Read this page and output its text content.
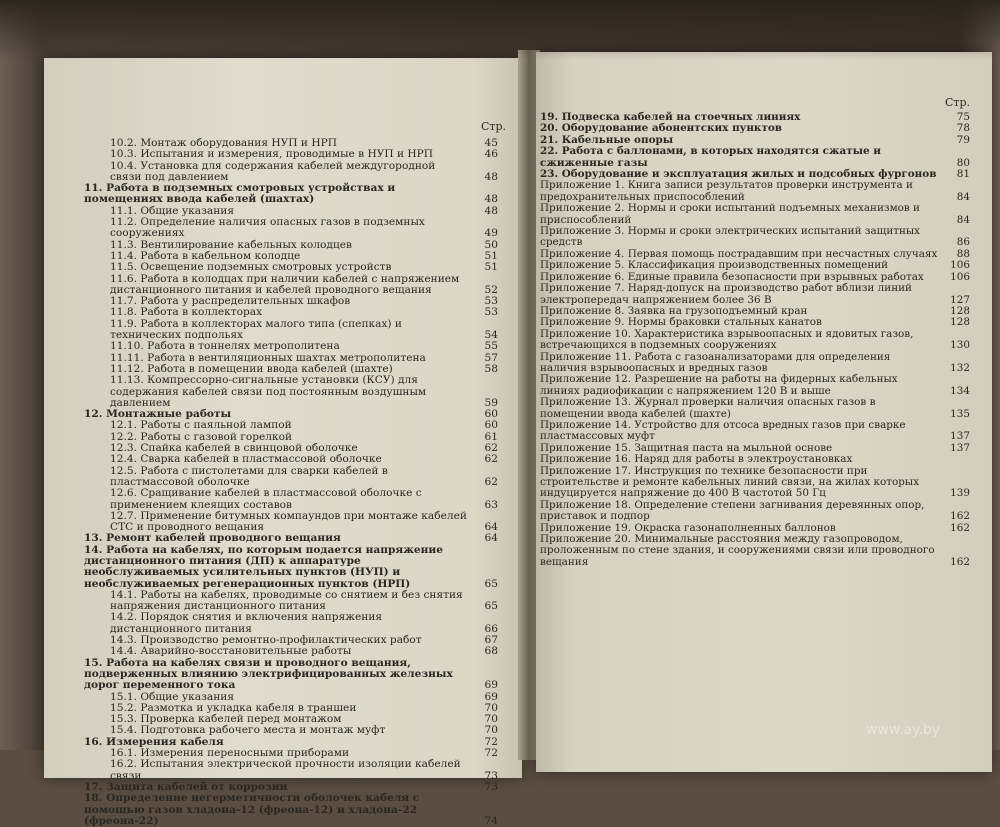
Стр.
10.2. Монтаж оборудования НУП и НРП	45
10.3. Испытания и измерения, проводимые в НУП и НРП	46
10.4. Установка для содержания кабелей междугородной связи под давлением	48
11. Работа в подземных смотровых устройствах и помещениях ввода кабелей (шахтах)	48
11.1. Общие указания	48
11.2. Определение наличия опасных газов в подземных сооружениях	49
11.3. Вентилирование кабельных колодцев	50
11.4. Работа в кабельном колодце	51
11.5. Освещение подземных смотровых устройств	51
11.6. Работа в колодцах при наличии кабелей с напряжением дистанционного питания и кабелей проводного вещания	52
11.7. Работа у распределительных шкафов	53
11.8. Работа в коллекторах	53
11.9. Работа в коллекторах малого типа (спепках) и технических подпольях	54
11.10. Работа в тоннелях метрополитена	55
11.11. Работа в вентиляционных шахтах метрополитена	57
11.12. Работа в помещении ввода кабелей (шахте)	58
11.13. Компрессорно-сигнальные установки (КСУ) для содержания кабелей связи под постоянным воздушным давлением	59
12. Монтажные работы	60
12.1. Работы с паяльной лампой	60
12.2. Работы с газовой горелкой	61
12.3. Спайка кабелей в свинцовой оболочке	62
12.4. Сварка кабелей в пластмассовой оболочке	62
12.5. Работа с пистолетами для сварки кабелей в пластмассовой оболочке	62
12.6. Сращивание кабелей в пластмассовой оболочке с применением клеящих составов	63
12.7. Применение битумных компаундов при монтаже кабелей СТС и проводного вещания	64
13. Ремонт кабелей проводного вещания	64
14. Работа на кабелях, по которым подается напряжение дистанционного питания (ДП) к аппаратуре необслуживаемых усилительных пунктов (НУП) и необслуживаемых регенерационных пунктов (НРП)	65
14.1. Работы на кабелях, проводимые со снятием и без снятия напряжения дистанционного питания	65
14.2. Порядок снятия и включения напряжения дистанционного питания	66
14.3. Производство ремонтно-профилактических работ	67
14.4. Аварийно-восстановительные работы	68
15. Работа на кабелях связи и проводного вещания, подверженных влиянию электрифицированных железных дорог переменного тока	69
15.1. Общие указания	69
15.2. Размотка и укладка кабеля в траншеи	70
15.3. Проверка кабелей перед монтажом	70
15.4. Подготовка рабочего места и монтаж муфт	70
16. Измерения кабеля	72
16.1. Измерения переносными приборами	72
16.2. Испытания электрической прочности изоляции кабелей связи	73
17. Защита кабелей от коррозии	73
18. Определение негерметичности оболочек кабеля с помощью газов хладона-12 (фреона-12) и хладона-22 (фреона-22)	74
Стр.
19. Подвеска кабелей на стоечных линиях	75
20. Оборудование абонентских пунктов	78
21. Кабельные опоры	79
22. Работа с баллонами, в которых находятся сжатые и сжиженные газы	80
23. Оборудование и эксплуатация жилых и подсобных фургонов	81
Приложение 1. Книга записи результатов проверки инструмента и предохранительных приспособлений	84
Приложение 2. Нормы и сроки испытаний подъемных механизмов и приспособлений	84
Приложение 3. Нормы и сроки электрических испытаний защитных средств	86
Приложение 4. Первая помощь пострадавшим при несчастных случаях	88
Приложение 5. Классификация производственных помещений	106
Приложение 6. Единые правила безопасности при взрывных работах	106
Приложение 7. Наряд-допуск на производство работ вблизи линий электропередач напряжением более 36 В	127
Приложение 8. Заявка на грузоподъемный кран	128
Приложение 9. Нормы браковки стальных канатов	128
Приложение 10. Характеристика взрывоопасных и ядовитых газов, встречающихся в подземных сооружениях	130
Приложение 11. Работа с газоанализаторами для определения наличия взрывоопасных и вредных газов	132
Приложение 12. Разрешение на работы на фидерных кабельных линиях радиофикации с напряжением 120 В и выше	134
Приложение 13. Журнал проверки наличия опасных газов в помещении ввода кабелей (шахте)	135
Приложение 14. Устройство для отсоса вредных газов при сварке пластмассовых муфт	137
Приложение 15. Защитная паста на мыльной основе	137
Приложение 16. Наряд для работы в электроустановках
Приложение 17. Инструкция по технике безопасности при строительстве и ремонте кабельных линий связи, на жилах которых индуцируется напряжение до 400 В частотой 50 Гц	139
Приложение 18. Определение степени загнивания деревянных опор, приставок и подпор	162
Приложение 19. Окраска газонаполненных баллонов	162
Приложение 20. Минимальные расстояния между газопроводом, проложенным по стене здания, и сооружениями связи или проводного вещания	162
www.ay.by
